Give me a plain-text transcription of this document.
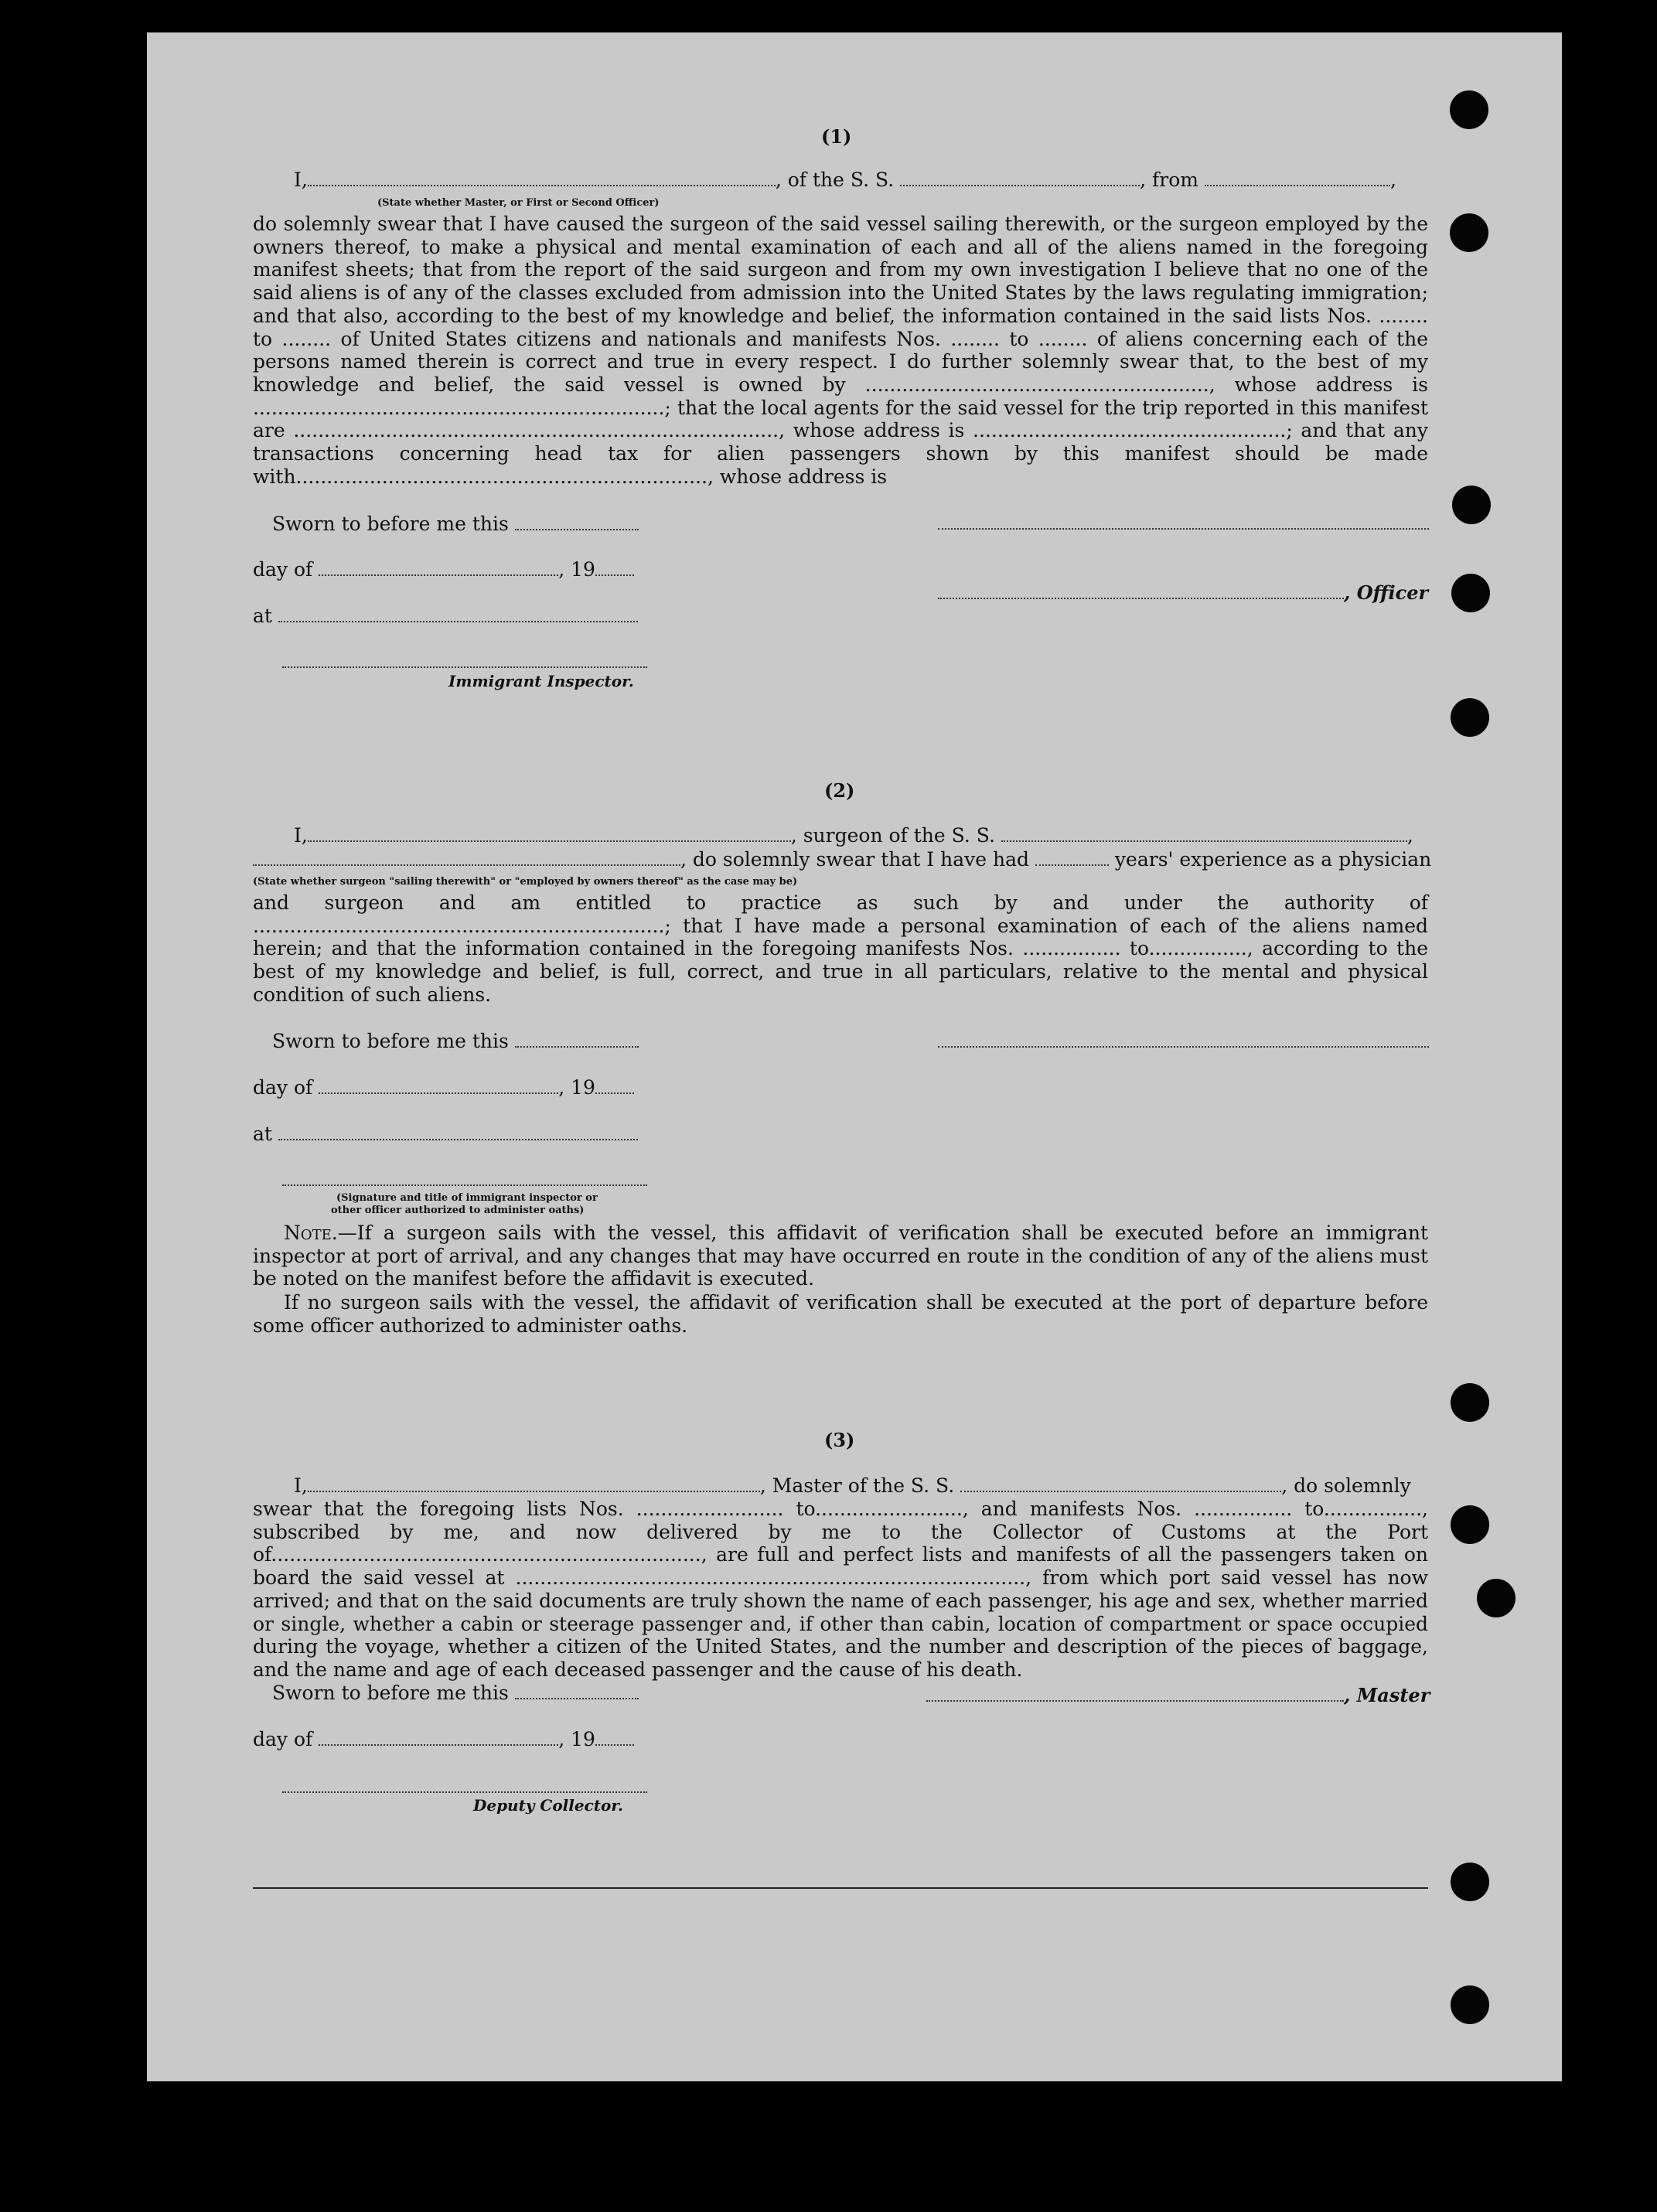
(1)
I,	, of the S. S.	, from	,
(State whether Master, or First or Second Officer)
do solemnly swear that I have caused the surgeon of the said vessel sailing therewith, or the surgeon employed by the owners thereof, to make a physical and mental examination of each and all of the aliens named in the foregoing manifest sheets; that from the report of the said surgeon and from my own investigation I believe that no one of the said aliens is of any of the classes excluded from admission into the United States by the laws regulating immigration; and that also, according to the best of my knowledge and belief, the information contained in the said lists Nos. ........ to ........ of United States citizens and nationals and manifests Nos. ........ to ........ of aliens concerning each of the persons named therein is correct and true in every respect. I do further solemnly swear that, to the best of my knowledge and belief, the said vessel is owned by ........................................................, whose address is ...................................................................; that the local agents for the said vessel for the trip reported in this manifest are ..............................................................................., whose address is ...................................................; and that any transactions concerning head tax for alien passengers shown by this manifest should be made with..................................................................., whose address is
Sworn to before me this
day of	, 19
, Officer
at
Immigrant Inspector.
(2)
I,	, surgeon of the S. S.	,
, do solemnly swear that I have had	years' experience as a physician
(State whether surgeon "sailing therewith" or "employed by owners thereof" as the case may be)
and surgeon and am entitled to practice as such by and under the authority of ...................................................................; that I have made a personal examination of each of the aliens named herein; and that the information contained in the foregoing manifests Nos. ................ to................, according to the best of my knowledge and belief, is full, correct, and true in all particulars, relative to the mental and physical condition of such aliens.
Sworn to before me this
day of	, 19
at
(Signature and title of immigrant inspector or
other officer authorized to administer oaths)
Note.—If a surgeon sails with the vessel, this affidavit of verification shall be executed before an immigrant inspector at port of arrival, and any changes that may have occurred en route in the condition of any of the aliens must be noted on the manifest before the affidavit is executed.
If no surgeon sails with the vessel, the affidavit of verification shall be executed at the port of departure before some officer authorized to administer oaths.
(3)
I,	, Master of the S. S.	, do solemnly
swear that the foregoing lists Nos. ........................ to........................, and manifests Nos. ................ to................, subscribed by me, and now delivered by me to the Collector of Customs at the Port of......................................................................, are full and perfect lists and manifests of all the passengers taken on board the said vessel at ..................................................................................., from which port said vessel has now arrived; and that on the said documents are truly shown the name of each passenger, his age and sex, whether married or single, whether a cabin or steerage passenger and, if other than cabin, location of compartment or space occupied during the voyage, whether a citizen of the United States, and the number and description of the pieces of baggage, and the name and age of each deceased passenger and the cause of his death.
Sworn to before me this	, Master
day of	, 19
Deputy Collector.
